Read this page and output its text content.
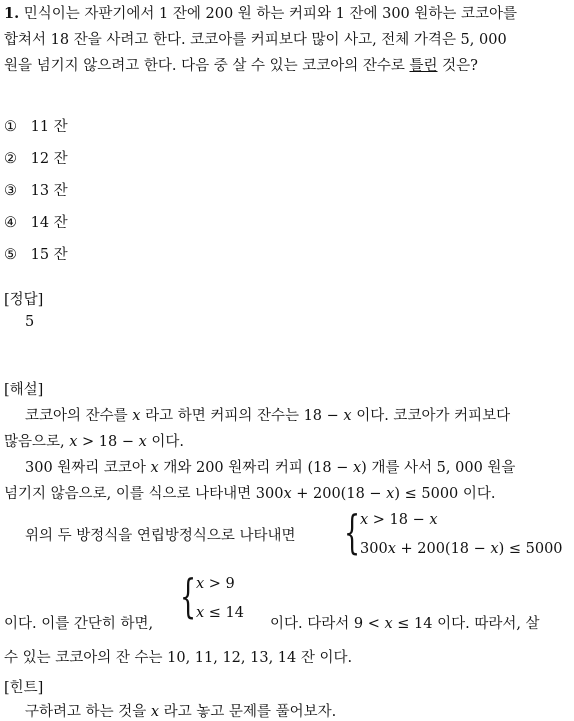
1. 민식이는 자판기에서 1 잔에 200 원 하는 커피와 1 잔에 300 원하는 코코아를
합쳐서 18 잔을 사려고 한다. 코코아를 커피보다 많이 사고, 전체 가격은 5, 000
원을 넘기지 않으려고 한다. 다음 중 살 수 있는 코코아의 잔수로 틀린 것은?
① 11 잔
② 12 잔
③ 13 잔
④ 14 잔
⑤ 15 잔
[정답]
5
[해설]
코코아의 잔수를 x 라고 하면 커피의 잔수는 18 − x 이다. 코코아가 커피보다
많음으로, x > 18 − x 이다.
300 원짜리 코코아 x 개와 200 원짜리 커피 (18 − x) 개를 사서 5, 000 원을
넘기지 않음으로, 이를 식으로 나타내면 300x + 200(18 − x) ≤ 5000 이다.
위의 두 방정식을 연립방정식으로 나타내면 { x > 18 − x
300x + 200(18 − x) ≤ 5000
이다. 이를 간단히 하면,
{ x > 9
x ≤ 14
이다. 다라서 9 < x ≤ 14 이다. 따라서, 살
수 있는 코코아의 잔 수는 10, 11, 12, 13, 14 잔 이다.
[힌트]
구하려고 하는 것을 x 라고 놓고 문제를 풀어보자.
